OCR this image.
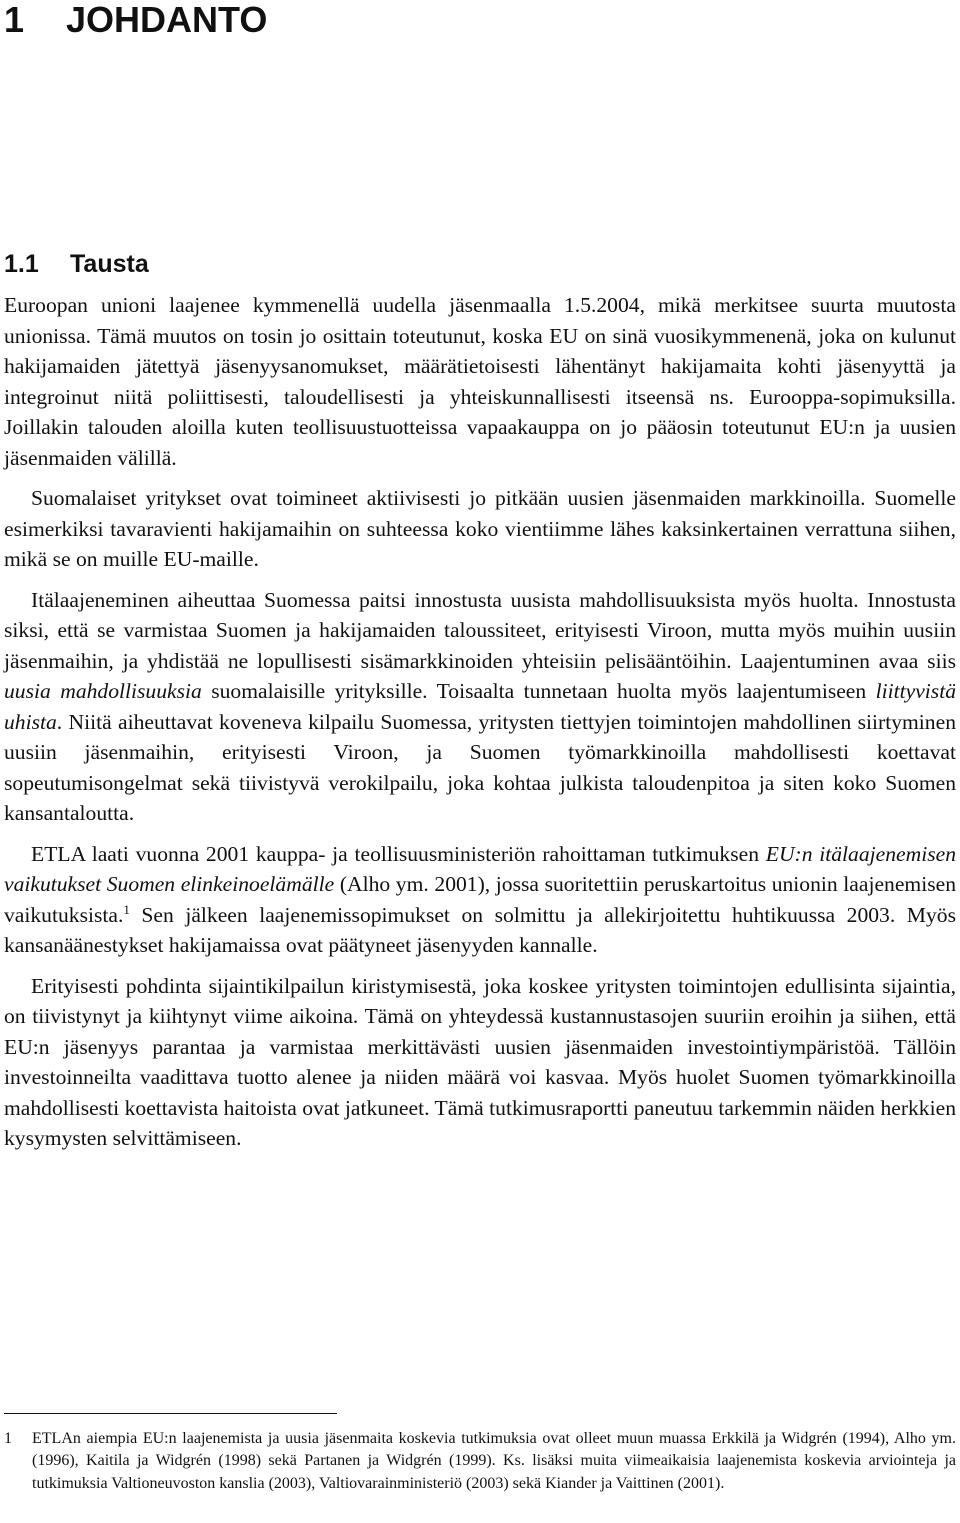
1 JOHDANTO
1.1 Tausta

Euroopan unioni laajenee kymmenellä uudella jäsenmaalla 1.5.2004, mikä merkitsee suurta muutosta unionissa. Tämä muutos on tosin jo osittain toteutunut, koska EU on sinä vuosikymmenenä, joka on kulunut hakijamaiden jätettyä jäsenyysanomukset, määrätietoisesti lähentänyt hakijamaita kohti jäsenyyttä ja integroinut niitä poliittisesti, taloudellisesti ja yhteiskunnallisesti itseensä ns. Eurooppa-sopimuksilla. Joillakin talouden aloilla kuten teollisuustuotteissa vapaakauppa on jo pääosin toteutunut EU:n ja uusien jäsenmaiden välillä.

Suomalaiset yritykset ovat toimineet aktiivisesti jo pitkään uusien jäsenmaiden markkinoilla. Suomelle esimerkiksi tavaravienti hakijamaihin on suhteessa koko vientiimme lähes kaksinkertainen verrattuna siihen, mikä se on muille EU-maille.

Itälaajeneminen aiheuttaa Suomessa paitsi innostusta uusista mahdollisuuksista myös huolta. Innostusta siksi, että se varmistaa Suomen ja hakijamaiden taloussiteet, erityisesti Viroon, mutta myös muihin uusiin jäsenmaihin, ja yhdistää ne lopullisesti sisämarkkinoiden yhteisiin pelisääntöihin. Laajentuminen avaa siis uusia mahdollisuuksia suomalaisille yrityksille. Toisaalta tunnetaan huolta myös laajentumiseen liittyvistä uhista. Niitä aiheuttavat koveneva kilpailu Suomessa, yritysten tiettyjen toimintojen mahdollinen siirtyminen uusiin jäsenmaihin, erityisesti Viroon, ja Suomen työmarkkinoilla mahdollisesti koettavat sopeutumisongelmat sekä tiivistyvä verokilpailu, joka kohtaa julkista taloudenpitoa ja siten koko Suomen kansantaloutta.

ETLA laati vuonna 2001 kauppa- ja teollisuusministeriön rahoittaman tutkimuksen EU:n itälaajenemisen vaikutukset Suomen elinkeinoelämälle (Alho ym. 2001), jossa suoritettiin peruskartoitus unionin laajenemisen vaikutuksista.$^1$ Sen jälkeen laajenemissopimukset on solmittu ja allekirjoitettu huhtikuussa 2003. Myös kansanäänestykset hakijamaissa ovat päätyneet jäsenyyden kannalle.

Erityisesti pohdinta sijaintikilpailun kiristymisestä, joka koskee yritysten toimintojen edullisinta sijaintia, on tiivistynyt ja kiihtynyt viime aikoina. Tämä on yhteydessä kustannustasojen suuriin eroihin ja siihen, että EU:n jäsenyys parantaa ja varmistaa merkittävästi uusien jäsenmaiden investointiympäristöä. Tällöin investoinneilta vaadittava tuotto alenee ja niiden määrä voi kasvaa. Myös huolet Suomen työmarkkinoilla mahdollisesti koettavista haitoista ovat jatkuneet. Tämä tutkimusraportti paneutuu tarkemmin näiden herkkien kysymysten selvittämiseen.

1 ETLAn aiempia EU:n laajenemista ja uusia jäsenmaita koskevia tutkimuksia ovat olleet muun muassa Erkkilä ja Widgrén (1994), Alho ym. (1996), Kaitila ja Widgrén (1998) sekä Partanen ja Widgrén (1999). Ks. lisäksi muita viimeaikaisia laajenemista koskevia arviointeja ja tutkimuksia Valtioneuvoston kanslia (2003), Valtiovarainministeriö (2003) sekä Kiander ja Vaittinen (2001).
